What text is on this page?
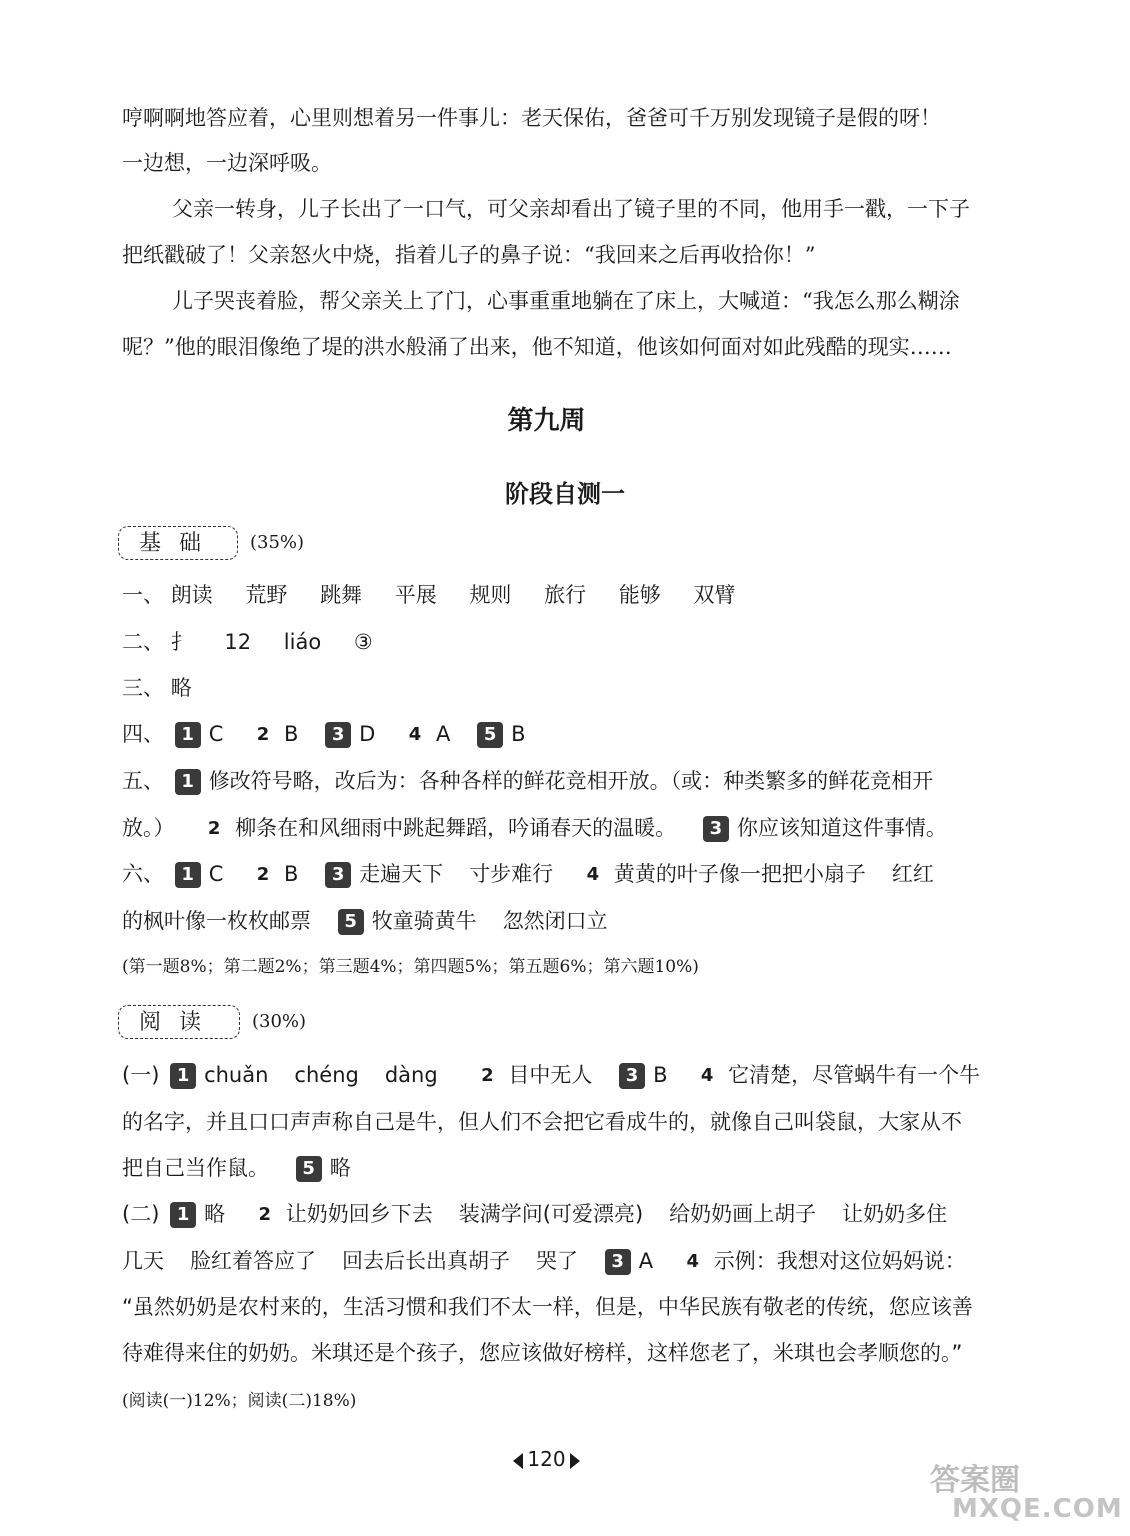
哼啊啊地答应着，心里则想着另一件事儿：老天保佑，爸爸可千万别发现镜子是假的呀！
一边想，一边深呼吸。
父亲一转身，儿子长出了一口气，可父亲却看出了镜子里的不同，他用手一戳，一下子
把纸戳破了！父亲怒火中烧，指着儿子的鼻子说：“我回来之后再收拾你！”
儿子哭丧着脸，帮父亲关上了门，心事重重地躺在了床上，大喊道：“我怎么那么糊涂
呢？”他的眼泪像绝了堤的洪水般涌了出来，他不知道，他该如何面对如此残酷的现实……
第九周
阶段自测一
基础	(35%)
一、 朗读 荒野 跳舞 平展 规则 旅行 能够 双臂
二、 扌 12 liáo ③
三、 略
四、 1 C 2 B 3 D 4 A 5 B
五、 1 修改符号略，改后为：各种各样的鲜花竞相开放。（或：种类繁多的鲜花竞相开
放。） 2 柳条在和风细雨中跳起舞蹈，吟诵春天的温暖。 3 你应该知道这件事情。
六、 1 C 2 B 3 走遍天下 寸步难行 4 黄黄的叶子像一把把小扇子 红红
的枫叶像一枚枚邮票 5 牧童骑黄牛 忽然闭口立
(第一题8%；第二题2%；第三题4%；第四题5%；第五题6%；第六题10%)
阅读	(30%)
(一) 1 chuǎn chéng dàng 2 目中无人 3 B 4 它清楚，尽管蜗牛有一个牛
的名字，并且口口声声称自己是牛，但人们不会把它看成牛的，就像自己叫袋鼠，大家从不
把自己当作鼠。 5 略
(二) 1 略 2 让奶奶回乡下去 装满学问(可爱漂亮) 给奶奶画上胡子 让奶奶多住
几天 脸红着答应了 回去后长出真胡子 哭了 3 A 4 示例：我想对这位妈妈说：
“虽然奶奶是农村来的，生活习惯和我们不太一样，但是，中华民族有敬老的传统，您应该善
待难得来住的奶奶。米琪还是个孩子，您应该做好榜样，这样您老了，米琪也会孝顺您的。”
(阅读(一)12%；阅读(二)18%)
120
答案圈
MXQE.COM
